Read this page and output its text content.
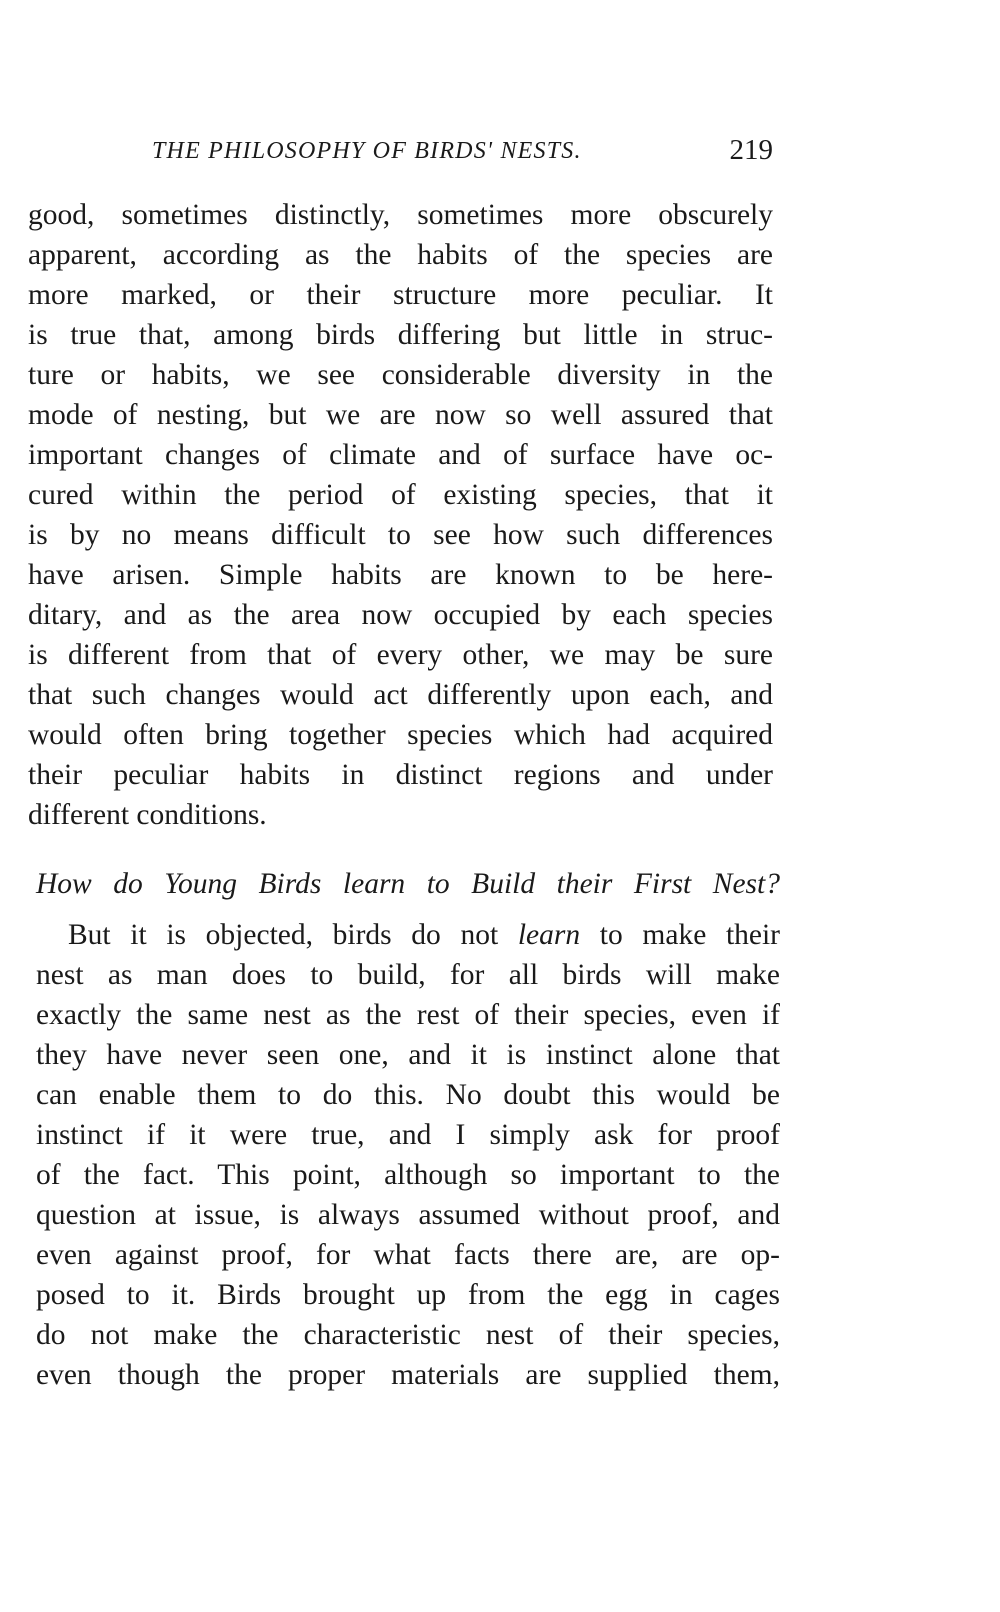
THE PHILOSOPHY OF BIRDS' NESTS.	219
good, sometimes distinctly, sometimes more obscurely
apparent, according as the habits of the species are
more marked, or their structure more peculiar. It
is true that, among birds differing but little in struc-
ture or habits, we see considerable diversity in the
mode of nesting, but we are now so well assured that
important changes of climate and of surface have oc-
cured within the period of existing species, that it
is by no means difficult to see how such differences
have arisen. Simple habits are known to be here-
ditary, and as the area now occupied by each species
is different from that of every other, we may be sure
that such changes would act differently upon each, and
would often bring together species which had acquired
their peculiar habits in distinct regions and under
different conditions.
How do Young Birds learn to Build their First Nest?
But it is objected, birds do not learn to make their
nest as man does to build, for all birds will make
exactly the same nest as the rest of their species, even if
they have never seen one, and it is instinct alone that
can enable them to do this. No doubt this would be
instinct if it were true, and I simply ask for proof
of the fact. This point, although so important to the
question at issue, is always assumed without proof, and
even against proof, for what facts there are, are op-
posed to it. Birds brought up from the egg in cages
do not make the characteristic nest of their species,
even though the proper materials are supplied them,
